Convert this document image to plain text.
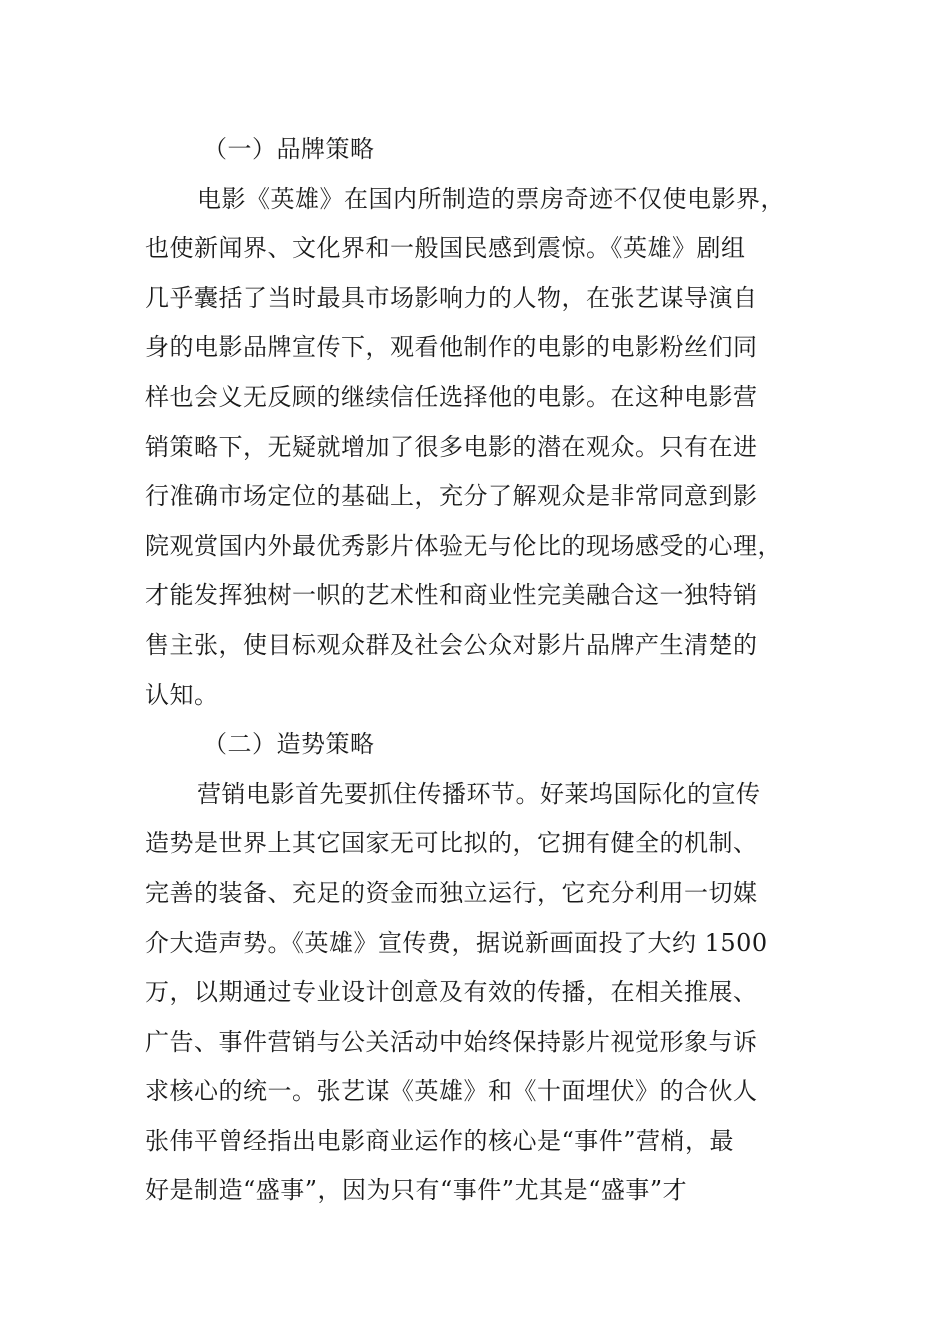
（一）品牌策略
电影《英雄》在国内所制造的票房奇迹不仅使电影界，
也使新闻界、文化界和一般国民感到震惊。《英雄》剧组
几乎囊括了当时最具市场影响力的人物，在张艺谋导演自
身的电影品牌宣传下，观看他制作的电影的电影粉丝们同
样也会义无反顾的继续信任选择他的电影。在这种电影营
销策略下，无疑就增加了很多电影的潜在观众。只有在进
行准确市场定位的基础上，充分了解观众是非常同意到影
院观赏国内外最优秀影片体验无与伦比的现场感受的心理，
才能发挥独树一帜的艺术性和商业性完美融合这一独特销
售主张，使目标观众群及社会公众对影片品牌产生清楚的
认知。
（二）造势策略
营销电影首先要抓住传播环节。好莱坞国际化的宣传
造势是世界上其它国家无可比拟的，它拥有健全的机制、
完善的装备、充足的资金而独立运行，它充分利用一切媒
介大造声势。《英雄》宣传费，据说新画面投了大约 1500
万，以期通过专业设计创意及有效的传播，在相关推展、
广告、事件营销与公关活动中始终保持影片视觉形象与诉
求核心的统一。张艺谋《英雄》和《十面埋伏》的合伙人
张伟平曾经指出电影商业运作的核心是“事件”营梢，最
好是制造“盛事”，因为只有“事件”尤其是“盛事”才
